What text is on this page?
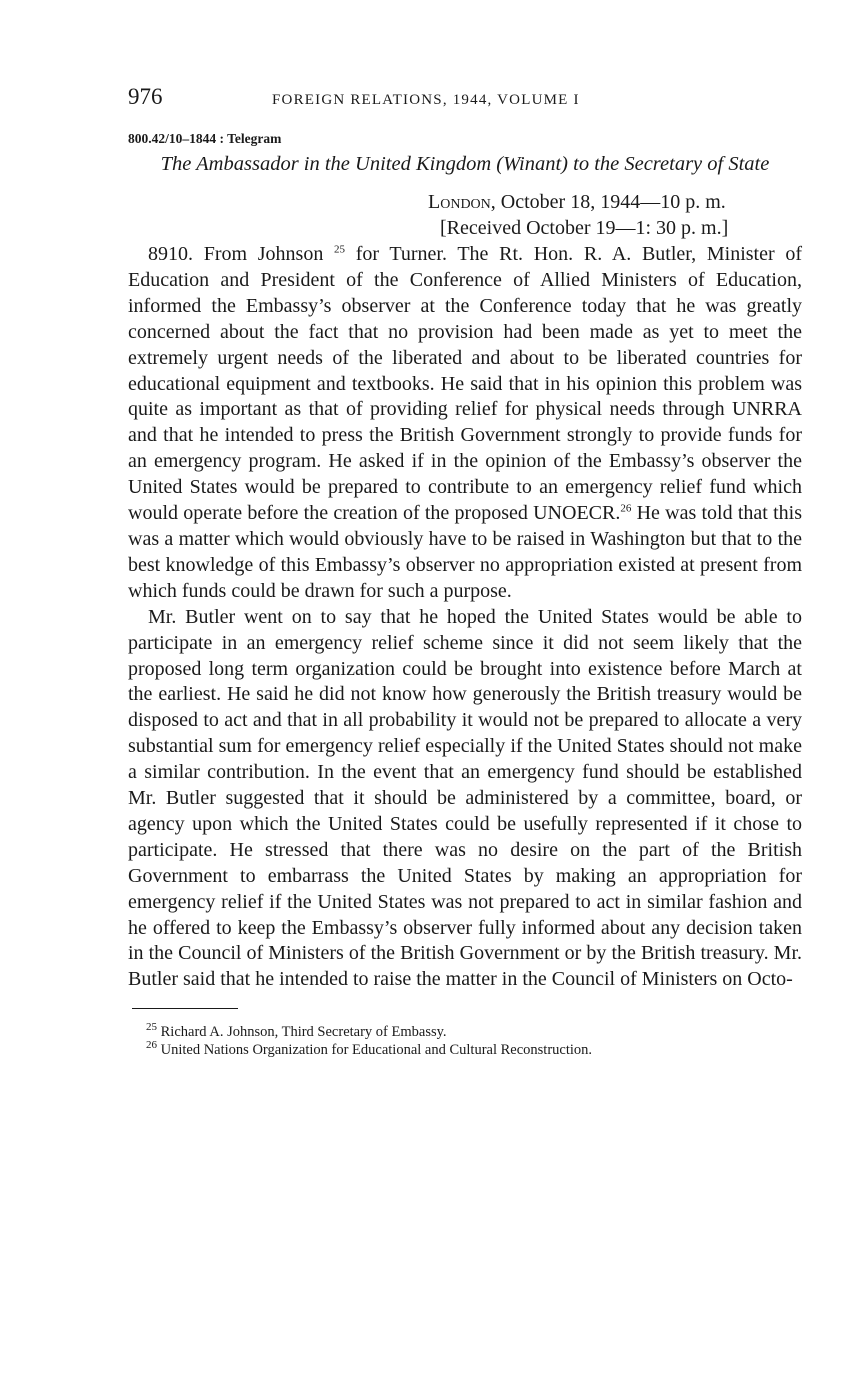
976	FOREIGN RELATIONS, 1944, VOLUME I
800.42/10–1844 : Telegram
The Ambassador in the United Kingdom (Winant) to the Secretary of State
London, October 18, 1944—10 p. m.
[Received October 19—1: 30 p. m.]

8910. From Johnson $^{25}$ for Turner. The Rt. Hon. R. A. Butler, Minister of Education and President of the Conference of Allied Ministers of Education, informed the Embassy’s observer at the Conference today that he was greatly concerned about the fact that no provision had been made as yet to meet the extremely urgent needs of the liberated and about to be liberated countries for educational equipment and textbooks. He said that in his opinion this problem was quite as important as that of providing relief for physical needs through UNRRA and that he intended to press the British Government strongly to provide funds for an emergency program. He asked if in the opinion of the Embassy’s observer the United States would be prepared to contribute to an emergency relief fund which would operate before the creation of the proposed UNOECR.$^{26}$ He was told that this was a matter which would obviously have to be raised in Washington but that to the best knowledge of this Embassy’s observer no appropriation existed at present from which funds could be drawn for such a purpose.

Mr. Butler went on to say that he hoped the United States would be able to participate in an emergency relief scheme since it did not seem likely that the proposed long term organization could be brought into existence before March at the earliest. He said he did not know how generously the British treasury would be disposed to act and that in all probability it would not be prepared to allocate a very substantial sum for emergency relief especially if the United States should not make a similar contribution. In the event that an emergency fund should be established Mr. Butler suggested that it should be administered by a committee, board, or agency upon which the United States could be usefully represented if it chose to participate. He stressed that there was no desire on the part of the British Government to embarrass the United States by making an appropriation for emergency relief if the United States was not prepared to act in similar fashion and he offered to keep the Embassy’s observer fully informed about any decision taken in the Council of Ministers of the British Government or by the British treasury. Mr. Butler said that he intended to raise the matter in the Council of Ministers on Octo-

$^{25}$ Richard A. Johnson, Third Secretary of Embassy.
$^{26}$ United Nations Organization for Educational and Cultural Reconstruction.
